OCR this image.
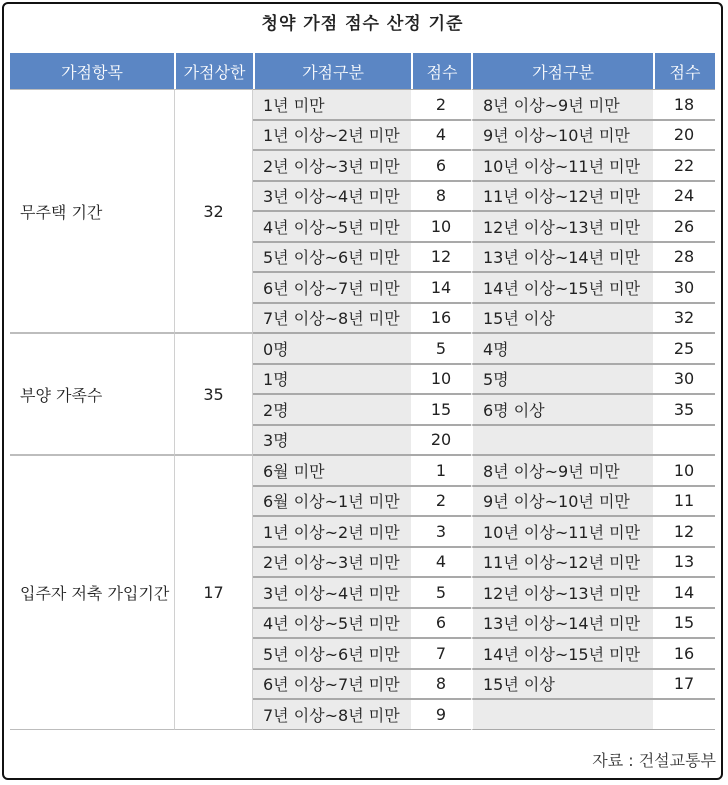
청약 가점 점수 산정 기준
가점항목	가점상한	가점구분	점수	가점구분	점수
무주택 기간	32	1년 미만	2	8년 이상~9년 미만	18
		1년 이상~2년 미만	4	9년 이상~10년 미만	20
		2년 이상~3년 미만	6	10년 이상~11년 미만	22
		3년 이상~4년 미만	8	11년 이상~12년 미만	24
		4년 이상~5년 미만	10	12년 이상~13년 미만	26
		5년 이상~6년 미만	12	13년 이상~14년 미만	28
		6년 이상~7년 미만	14	14년 이상~15년 미만	30
		7년 이상~8년 미만	16	15년 이상	32
부양 가족수	35	0명	5	4명	25
		1명	10	5명	30
		2명	15	6명 이상	35
		3명	20		
입주자 저축 가입기간	17	6월 미만	1	8년 이상~9년 미만	10
		6월 이상~1년 미만	2	9년 이상~10년 미만	11
		1년 이상~2년 미만	3	10년 이상~11년 미만	12
		2년 이상~3년 미만	4	11년 이상~12년 미만	13
		3년 이상~4년 미만	5	12년 이상~13년 미만	14
		4년 이상~5년 미만	6	13년 이상~14년 미만	15
		5년 이상~6년 미만	7	14년 이상~15년 미만	16
		6년 이상~7년 미만	8	15년 이상	17
		7년 이상~8년 미만	9		
자료 : 건설교통부
